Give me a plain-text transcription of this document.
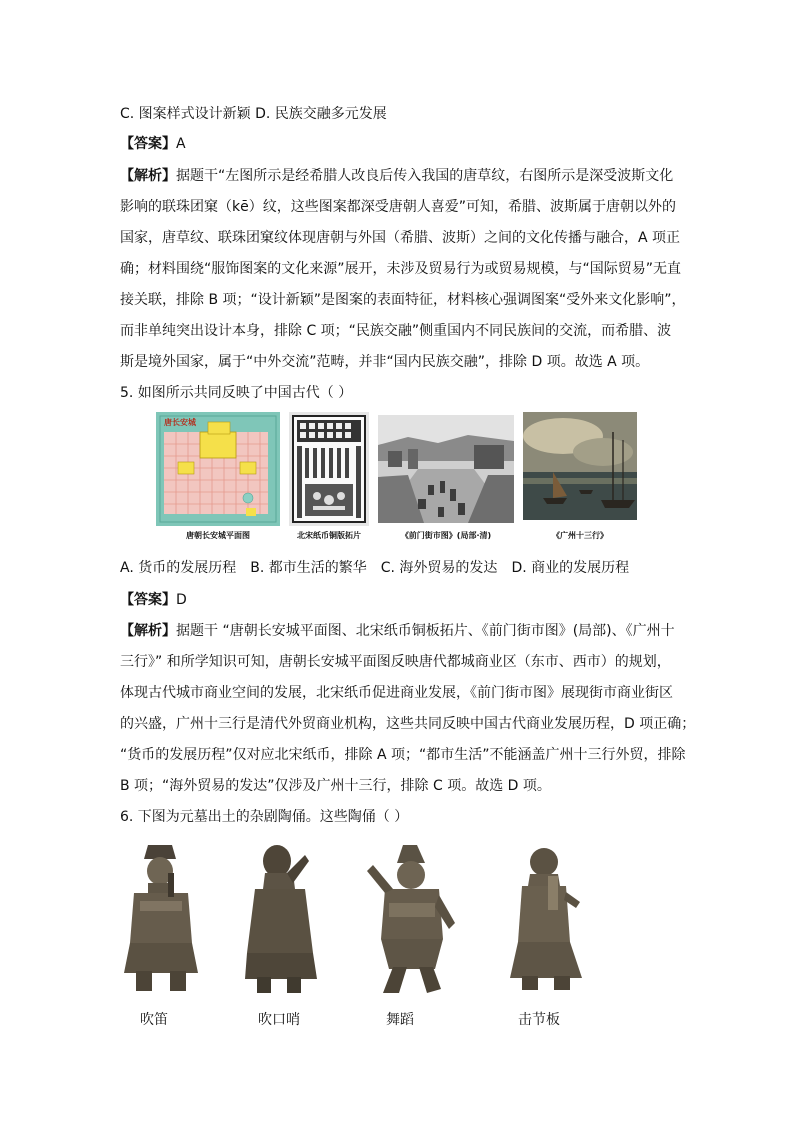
C. 图案样式设计新颖 D. 民族交融多元发展
【答案】A
【解析】据题干“左图所示是经希腊人改良后传入我国的唐草纹，右图所示是深受波斯文化
影响的联珠团窠（kē）纹，这些图案都深受唐朝人喜爱”可知，希腊、波斯属于唐朝以外的
国家，唐草纹、联珠团窠纹体现唐朝与外国（希腊、波斯）之间的文化传播与融合，A 项正
确；材料围绕“服饰图案的文化来源”展开，未涉及贸易行为或贸易规模，与“国际贸易”无直
接关联，排除 B 项；“设计新颖”是图案的表面特征，材料核心强调图案“受外来文化影响”，
而非单纯突出设计本身，排除 C 项；“民族交融”侧重国内不同民族间的交流，而希腊、波
斯是境外国家，属于“中外交流”范畴，并非“国内民族交融”，排除 D 项。故选 A 项。
5. 如图所示共同反映了中国古代（ ）
唐长安城
唐朝长安城平面图	北宋纸币铜版拓片	《前门街市图》(局部·清)	《广州十三行》
A. 货币的发展历程 B. 都市生活的繁华 C. 海外贸易的发达 D. 商业的发展历程
【答案】D
【解析】据题干 “唐朝长安城平面图、北宋纸币铜板拓片、《前门街市图》(局部)、《广州十
三行》” 和所学知识可知，唐朝长安城平面图反映唐代都城商业区（东市、西市）的规划，
体现古代城市商业空间的发展，北宋纸币促进商业发展，《前门街市图》展现街市商业街区
的兴盛，广州十三行是清代外贸商业机构，这些共同反映中国古代商业发展历程，D 项正确；
“货币的发展历程”仅对应北宋纸币，排除 A 项；“都市生活”不能涵盖广州十三行外贸，排除
B 项；“海外贸易的发达”仅涉及广州十三行，排除 C 项。故选 D 项。
6. 下图为元墓出土的杂剧陶俑。这些陶俑（ ）
吹笛	吹口哨	舞蹈	击节板
